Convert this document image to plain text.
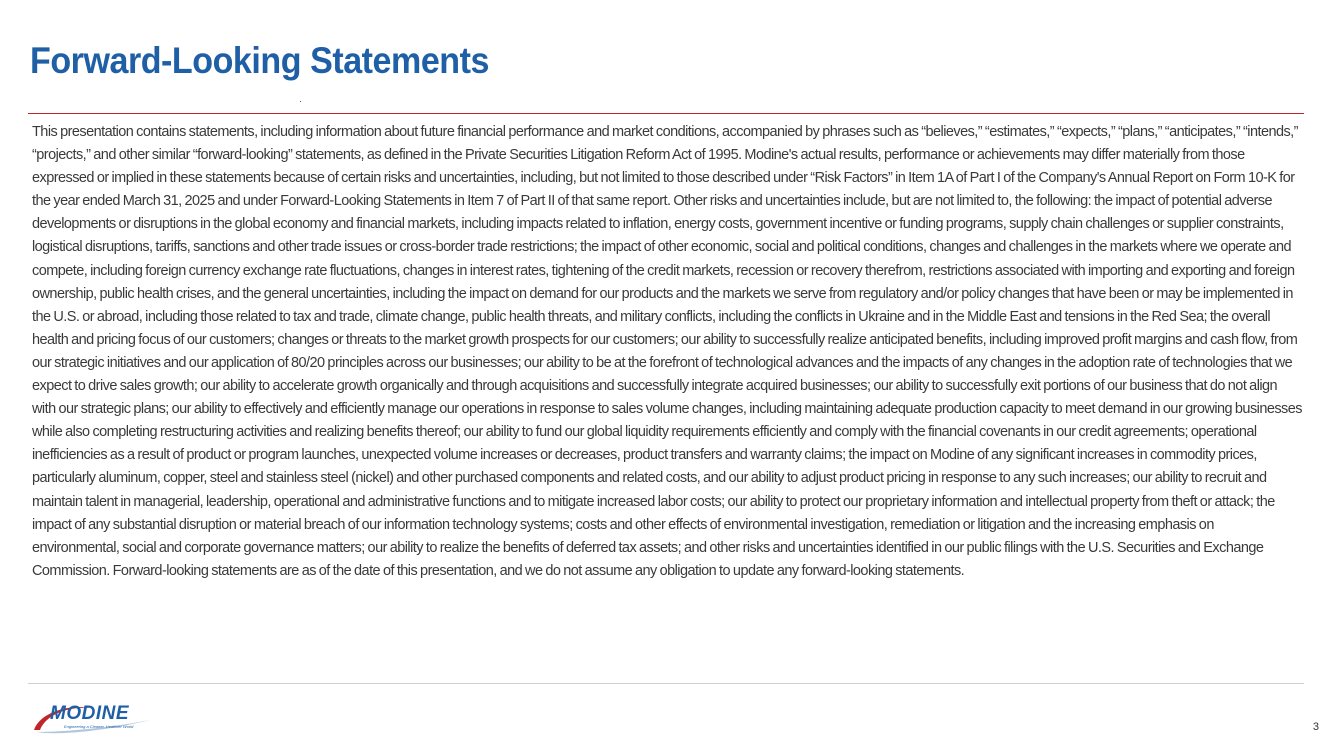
Forward-Looking Statements

This presentation contains statements, including information about future financial performance and market conditions, accompanied by phrases such as “believes,” “estimates,” “expects,” “plans,” “anticipates,” “intends,” “projects,” and other similar “forward-looking” statements, as defined in the Private Securities Litigation Reform Act of 1995. Modine's actual results, performance or achievements may differ materially from those expressed or implied in these statements because of certain risks and uncertainties, including, but not limited to those described under “Risk Factors” in Item 1A of Part I of the Company's Annual Report on Form 10-K for the year ended March 31, 2025 and under Forward-Looking Statements in Item 7 of Part II of that same report. Other risks and uncertainties include, but are not limited to, the following: the impact of potential adverse developments or disruptions in the global economy and financial markets, including impacts related to inflation, energy costs, government incentive or funding programs, supply chain challenges or supplier constraints, logistical disruptions, tariffs, sanctions and other trade issues or cross-border trade restrictions; the impact of other economic, social and political conditions, changes and challenges in the markets where we operate and compete, including foreign currency exchange rate fluctuations, changes in interest rates, tightening of the credit markets, recession or recovery therefrom, restrictions associated with importing and exporting and foreign ownership, public health crises, and the general uncertainties, including the impact on demand for our products and the markets we serve from regulatory and/or policy changes that have been or may be implemented in the U.S. or abroad, including those related to tax and trade, climate change, public health threats, and military conflicts, including the conflicts in Ukraine and in the Middle East and tensions in the Red Sea; the overall health and pricing focus of our customers; changes or threats to the market growth prospects for our customers; our ability to successfully realize anticipated benefits, including improved profit margins and cash flow, from our strategic initiatives and our application of 80/20 principles across our businesses; our ability to be at the forefront of technological advances and the impacts of any changes in the adoption rate of technologies that we expect to drive sales growth; our ability to accelerate growth organically and through acquisitions and successfully integrate acquired businesses; our ability to successfully exit portions of our business that do not align with our strategic plans; our ability to effectively and efficiently manage our operations in response to sales volume changes, including maintaining adequate production capacity to meet demand in our growing businesses while also completing restructuring activities and realizing benefits thereof; our ability to fund our global liquidity requirements efficiently and comply with the financial covenants in our credit agreements; operational inefficiencies as a result of product or program launches, unexpected volume increases or decreases, product transfers and warranty claims; the impact on Modine of any significant increases in commodity prices, particularly aluminum, copper, steel and stainless steel (nickel) and other purchased components and related costs, and our ability to adjust product pricing in response to any such increases; our ability to recruit and maintain talent in managerial, leadership, operational and administrative functions and to mitigate increased labor costs; our ability to protect our proprietary information and intellectual property from theft or attack; the impact of any substantial disruption or material breach of our information technology systems; costs and other effects of environmental investigation, remediation or litigation and the increasing emphasis on environmental, social and corporate governance matters; our ability to realize the benefits of deferred tax assets; and other risks and uncertainties identified in our public filings with the U.S. Securities and Exchange Commission. Forward-looking statements are as of the date of this presentation, and we do not assume any obligation to update any forward-looking statements.

MODINE
Engineering a Cleaner, Healthier World	3
